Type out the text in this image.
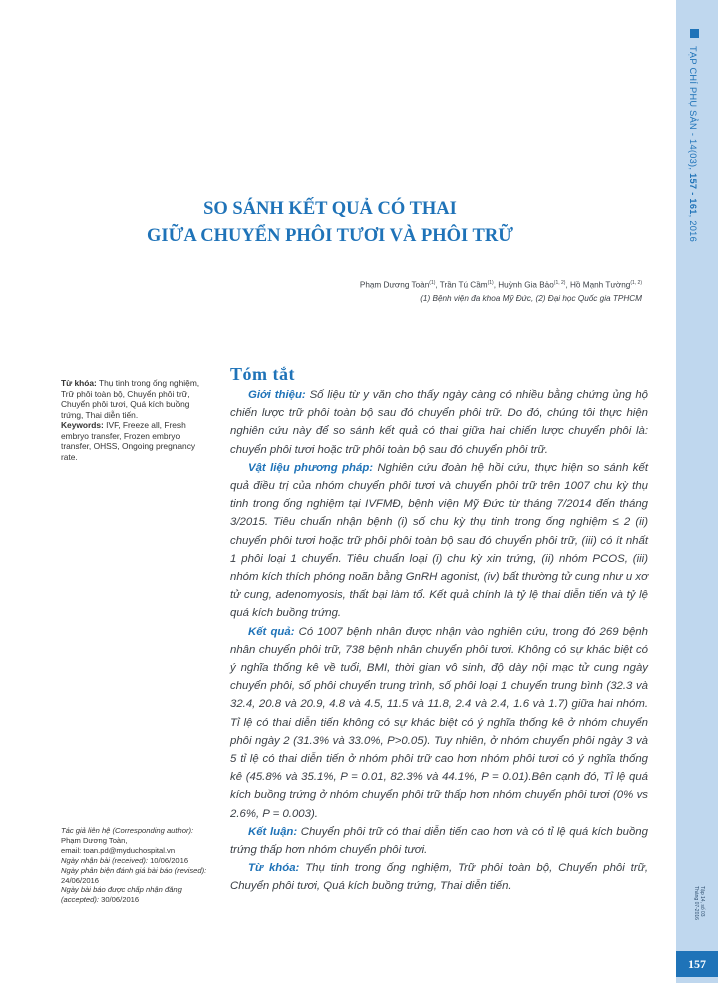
TẠP CHÍ PHỤ SẢN - 14(03), 157 - 161, 2016
Tập 14, số 03
Tháng 07-2016
157
SO SÁNH KẾT QUẢ CÓ THAI
GIỮA CHUYỂN PHÔI TƯƠI VÀ PHÔI TRỮ
Phạm Dương Toàn$^{(1)}$, Trần Tú Cầm$^{(1)}$, Huỳnh Gia Bảo$^{(1, 2)}$, Hồ Mạnh Tường$^{(1, 2)}$
(1) Bệnh viện đa khoa Mỹ Đức, (2) Đại học Quốc gia TPHCM

Từ khóa: Thụ tinh trong ống nghiệm, Trữ phôi toàn bộ, Chuyển phôi trữ, Chuyển phôi tươi, Quá kích buồng trứng, Thai diễn tiến.

Keywords: IVF, Freeze all, Fresh embryo transfer, Frozen embryo transfer, OHSS, Ongoing pregnancy rate.

Tác giả liên hệ (Corresponding author):

Phạm Dương Toàn,

email: toan.pd@myduchospital.vn

Ngày nhận bài (received): 10/06/2016

Ngày phản biện đánh giá bài báo (revised):

24/06/2016

Ngày bài báo được chấp nhận đăng (accepted): 30/06/2016

Tóm tắt

Giới thiệu: Số liệu từ y văn cho thấy ngày càng có nhiều bằng chứng ủng hộ chiến lược trữ phôi toàn bộ sau đó chuyển phôi trữ. Do đó, chúng tôi thực hiện nghiên cứu này để so sánh kết quả có thai giữa hai chiến lược chuyển phôi là: chuyển phôi tươi hoặc trữ phôi toàn bộ sau đó chuyển phôi trữ.

Vật liệu phương pháp: Nghiên cứu đoàn hệ hồi cứu, thực hiện so sánh kết quả điều trị của nhóm chuyển phôi tươi và chuyển phôi trữ trên 1007 chu kỳ thụ tinh trong ống nghiệm tại IVFMĐ, bệnh viện Mỹ Đức từ tháng 7/2014 đến tháng 3/2015. Tiêu chuẩn nhận bệnh (i) số chu kỳ thụ tinh trong ống nghiệm ≤ 2 (ii) chuyển phôi tươi hoặc trữ phôi phôi toàn bộ sau đó chuyển phôi trữ, (iii) có ít nhất 1 phôi loại 1 chuyển. Tiêu chuẩn loại (i) chu kỳ xin trứng, (ii) nhóm PCOS, (iii) nhóm kích thích phóng noãn bằng GnRH agonist, (iv) bất thường tử cung như u xơ tử cung, adenomyosis, thất bại làm tổ. Kết quả chính là tỷ lệ thai diễn tiến và tỷ lệ quá kích buồng trứng.

Kết quả: Có 1007 bệnh nhân được nhận vào nghiên cứu, trong đó 269 bệnh nhân chuyển phôi trữ, 738 bệnh nhân chuyển phôi tươi. Không có sự khác biệt có ý nghĩa thống kê về tuổi, BMI, thời gian vô sinh, độ dày nội mạc tử cung ngày chuyển phôi, số phôi chuyển trung trình, số phôi loại 1 chuyển trung bình (32.3 và 32.4, 20.8 và 20.9, 4.8 và 4.5, 11.5 và 11.8, 2.4 và 2.4, 1.6 và 1.7) giữa hai nhóm. Tỉ lệ có thai diễn tiến không có sự khác biệt có ý nghĩa thống kê ở nhóm chuyển phôi ngày 2 (31.3% và 33.0%, P>0.05). Tuy nhiên, ở nhóm chuyển phôi ngày 3 và 5 tỉ lệ có thai diễn tiến ở nhóm phôi trữ cao hơn nhóm phôi tươi có ý nghĩa thống kê (45.8% và 35.1%, P = 0.01, 82.3% và 44.1%, P = 0.01).Bên cạnh đó, Tỉ lệ quá kích buồng trứng ở nhóm chuyển phôi trữ thấp hơn nhóm chuyển phôi tươi (0% vs 2.6%, P = 0.003).

Kết luận: Chuyển phôi trữ có thai diễn tiến cao hơn và có tỉ lệ quá kích buồng trứng thấp hơn nhóm chuyển phôi tươi.

Từ khóa: Thụ tinh trong ống nghiệm, Trữ phôi toàn bộ, Chuyển phôi trữ, Chuyển phôi tươi, Quá kích buồng trứng, Thai diễn tiến.
